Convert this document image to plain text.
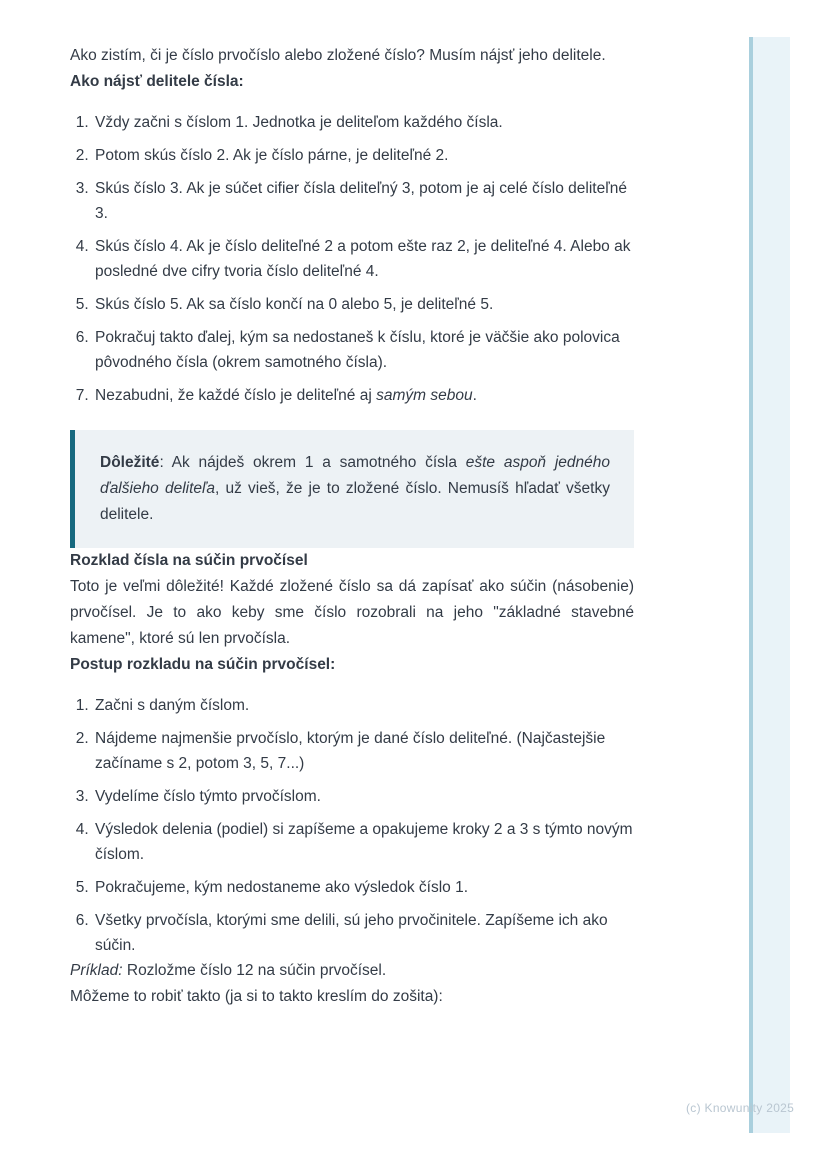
Ako zistím, či je číslo prvočíslo alebo zložené číslo? Musím nájsť jeho delitele.

Ako nájsť delitele čísla:

1. Vždy začni s číslom 1. Jednotka je deliteľom každého čísla.
2. Potom skús číslo 2. Ak je číslo párne, je deliteľné 2.
3. Skús číslo 3. Ak je súčet cifier čísla deliteľný 3, potom je aj celé číslo deliteľné 3.
4. Skús číslo 4. Ak je číslo deliteľné 2 a potom ešte raz 2, je deliteľné 4. Alebo ak posledné dve cifry tvoria číslo deliteľné 4.
5. Skús číslo 5. Ak sa číslo končí na 0 alebo 5, je deliteľné 5.
6. Pokračuj takto ďalej, kým sa nedostaneš k číslu, ktoré je väčšie ako polovica pôvodného čísla (okrem samotného čísla).
7. Nezabudni, že každé číslo je deliteľné aj samým sebou.
Dôležité: Ak nájdeš okrem 1 a samotného čísla ešte aspoň jedného ďalšieho deliteľa, už vieš, že je to zložené číslo. Nemusíš hľadať všetky delitele.

Rozklad čísla na súčin prvočísel

Toto je veľmi dôležité! Každé zložené číslo sa dá zapísať ako súčin (násobenie) prvočísel. Je to ako keby sme číslo rozobrali na jeho "základné stavebné kamene", ktoré sú len prvočísla.

Postup rozkladu na súčin prvočísel:

1. Začni s daným číslom.
2. Nájdeme najmenšie prvočíslo, ktorým je dané číslo deliteľné. (Najčastejšie začíname s 2, potom 3, 5, 7...)
3. Vydelíme číslo týmto prvočíslom.
4. Výsledok delenia (podiel) si zapíšeme a opakujeme kroky 2 a 3 s týmto novým číslom.
5. Pokračujeme, kým nedostaneme ako výsledok číslo 1.
6. Všetky prvočísla, ktorými sme delili, sú jeho prvočinitele. Zapíšeme ich ako súčin.

Príklad: Rozložme číslo 12 na súčin prvočísel.

Môžeme to robiť takto (ja si to takto kreslím do zošita):

(c) Knowunity 2025
